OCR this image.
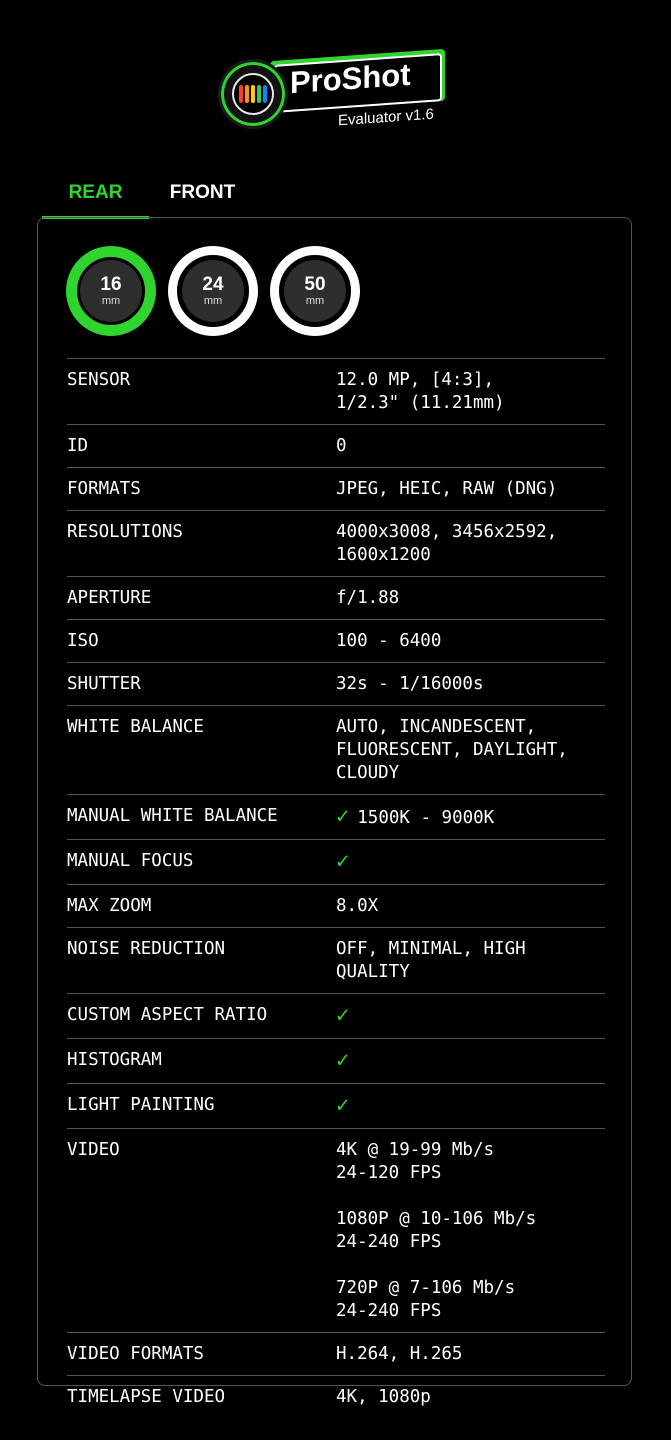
ProShot
Evaluator v1.6
REAR	FRONT
16
mm
24
mm
50
mm
SENSOR	12.0 MP, [4:3],
1/2.3" (11.21mm)
ID	0
FORMATS	JPEG, HEIC, RAW (DNG)
RESOLUTIONS	4000x3008, 3456x2592,
1600x1200
APERTURE	f/1.88
ISO	100 - 6400
SHUTTER	32s - 1/16000s
WHITE BALANCE	AUTO, INCANDESCENT,
FLUORESCENT, DAYLIGHT,
CLOUDY
MANUAL WHITE BALANCE	✓ 1500K - 9000K
MANUAL FOCUS	✓
MAX ZOOM	8.0X
NOISE REDUCTION	OFF, MINIMAL, HIGH
QUALITY
CUSTOM ASPECT RATIO	✓
HISTOGRAM	✓
LIGHT PAINTING	✓
VIDEO	4K @ 19-99 Mb/s
24-120 FPS

1080P @ 10-106 Mb/s
24-240 FPS

720P @ 7-106 Mb/s
24-240 FPS
VIDEO FORMATS	H.264, H.265
TIMELAPSE VIDEO	4K, 1080p
